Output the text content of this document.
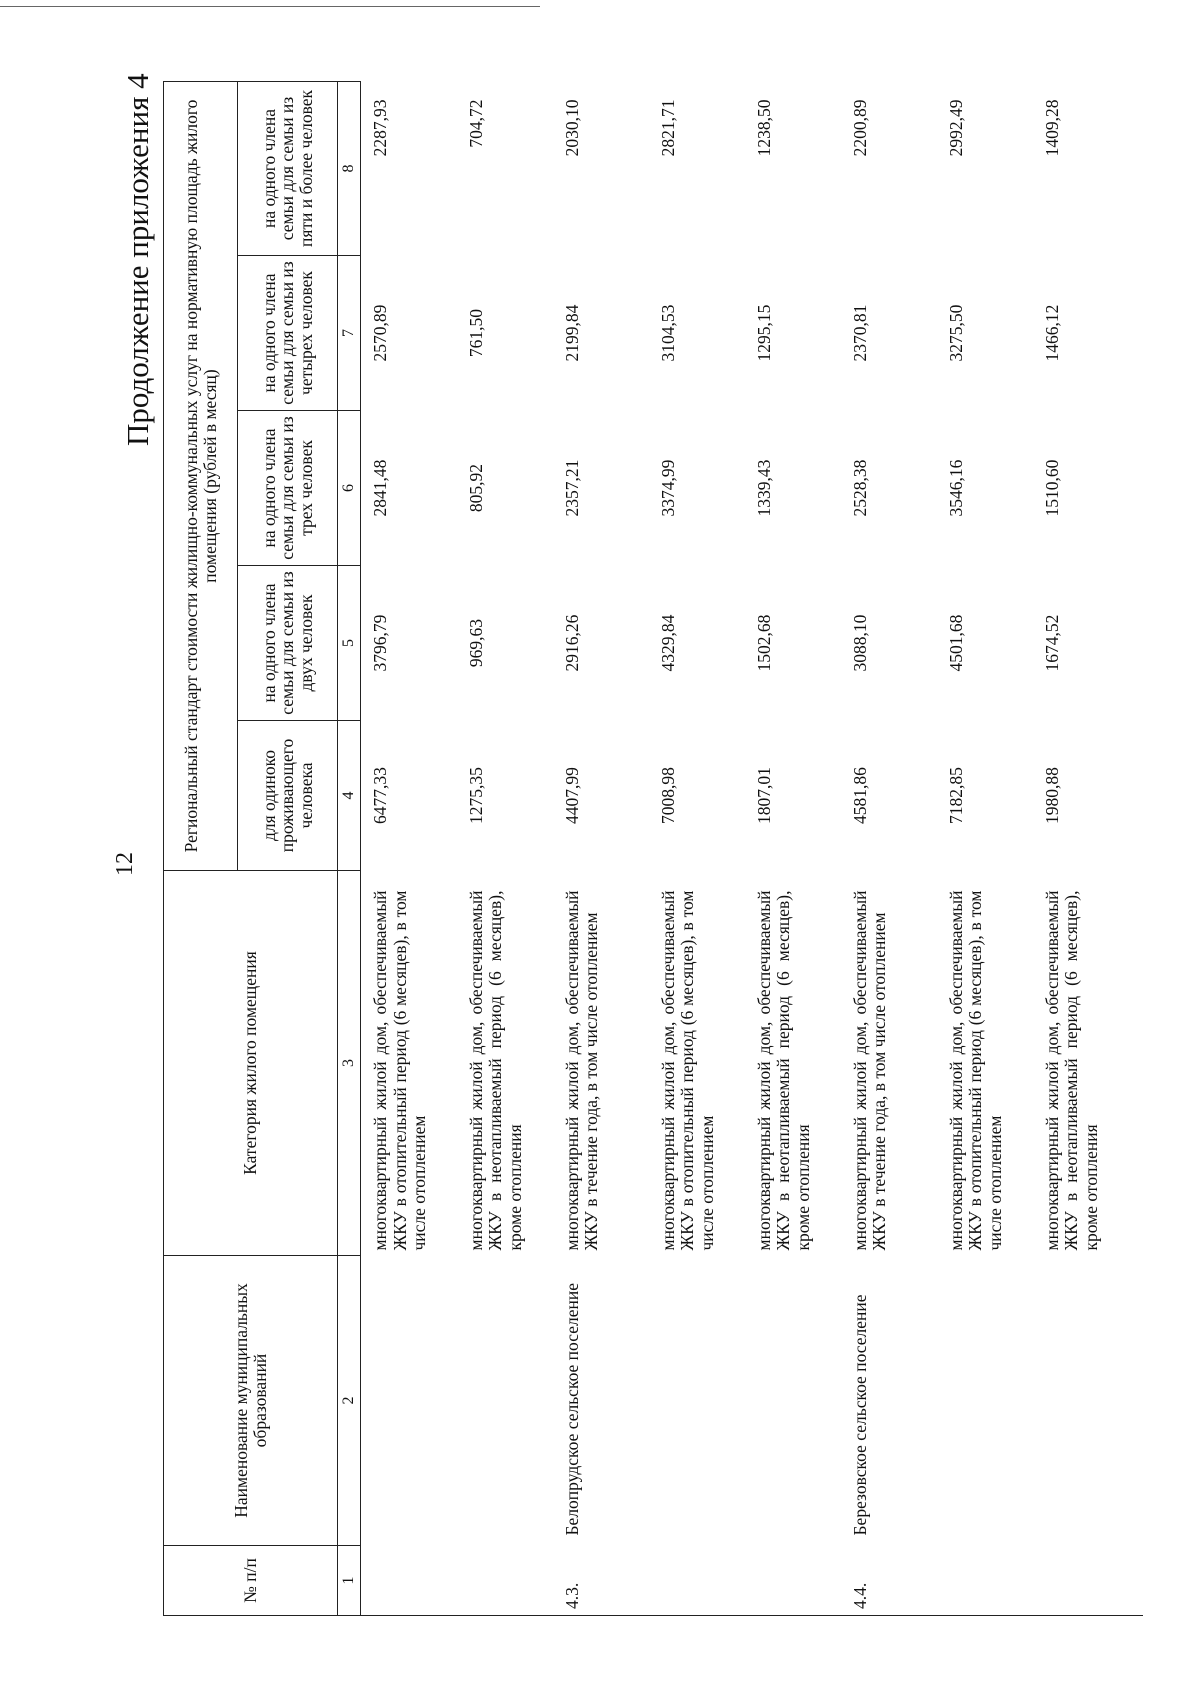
12
Продолжение приложения 4
№ п/п	Наименование муниципальных образований	Категория жилого помещения	Региональный стандарт стоимости жилищно-коммунальных услуг на нормативную площадь жилого помещения (рублей в месяц)				
			для одиноко проживающего человека	на одного члена семьи для семьи из двух человек	на одного члена семьи для семьи из трех человек	на одного члена семьи для семьи из четырех человек	на одного члена семьи для семьи из пяти и более человек
1	2	3	4	5	6	7	8
		многоквартирный жилой дом, обеспечиваемый ЖКУ в отопительный период (6 месяцев), в том числе отоплением	6477,33	3796,79	2841,48	2570,89	2287,93
		многоквартирный жилой дом, обеспечиваемый ЖКУ в неотапливаемый период (6 месяцев), кроме отопления	1275,35	969,63	805,92	761,50	704,72
4.3.	Белопрудское сельское поселение	многоквартирный жилой дом, обеспечиваемый ЖКУ в течение года, в том числе отоплением	4407,99	2916,26	2357,21	2199,84	2030,10
		многоквартирный жилой дом, обеспечиваемый ЖКУ в отопительный период (6 месяцев), в том числе отоплением	7008,98	4329,84	3374,99	3104,53	2821,71
		многоквартирный жилой дом, обеспечиваемый ЖКУ в неотапливаемый период (6 месяцев), кроме отопления	1807,01	1502,68	1339,43	1295,15	1238,50
4.4.	Березовское сельское поселение	многоквартирный жилой дом, обеспечиваемый ЖКУ в течение года, в том числе отоплением	4581,86	3088,10	2528,38	2370,81	2200,89
		многоквартирный жилой дом, обеспечиваемый ЖКУ в отопительный период (6 месяцев), в том числе отоплением	7182,85	4501,68	3546,16	3275,50	2992,49
		многоквартирный жилой дом, обеспечиваемый ЖКУ в неотапливаемый период (6 месяцев), кроме отопления	1980,88	1674,52	1510,60	1466,12	1409,28
